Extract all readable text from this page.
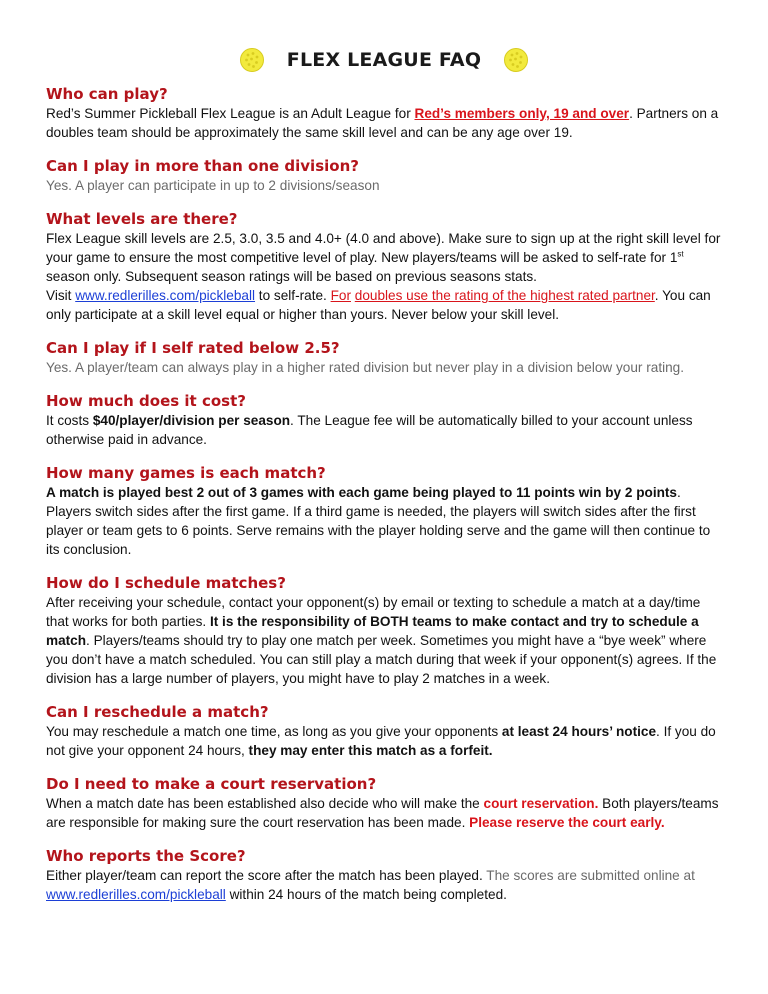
FLEX LEAGUE FAQ
Who can play?

Red’s Summer Pickleball Flex League is an Adult League for Red’s members only, 19 and over. Partners on a doubles team should be approximately the same skill level and can be any age over 19.

Can I play in more than one division?

Yes. A player can participate in up to 2 divisions/season

What levels are there?

Flex League skill levels are 2.5, 3.0, 3.5 and 4.0+ (4.0 and above). Make sure to sign up at the right skill level for your game to ensure the most competitive level of play. New players/teams will be asked to self-rate for 1st season only. Subsequent season ratings will be based on previous seasons stats.
Visit www.redlerilles.com/pickleball to self-rate. For doubles use the rating of the highest rated partner. You can only participate at a skill level equal or higher than yours. Never below your skill level.

Can I play if I self rated below 2.5?

Yes. A player/team can always play in a higher rated division but never play in a division below your rating.

How much does it cost?

It costs $40/player/division per season. The League fee will be automatically billed to your account unless otherwise paid in advance.

How many games is each match?

A match is played best 2 out of 3 games with each game being played to 11 points win by 2 points. Players switch sides after the first game. If a third game is needed, the players will switch sides after the first player or team gets to 6 points. Serve remains with the player holding serve and the game will then continue to its conclusion.

How do I schedule matches?

After receiving your schedule, contact your opponent(s) by email or texting to schedule a match at a day/time that works for both parties. It is the responsibility of BOTH teams to make contact and try to schedule a match. Players/teams should try to play one match per week. Sometimes you might have a “bye week” where you don’t have a match scheduled. You can still play a match during that week if your opponent(s) agrees. If the division has a large number of players, you might have to play 2 matches in a week.

Can I reschedule a match?

You may reschedule a match one time, as long as you give your opponents at least 24 hours’ notice. If you do not give your opponent 24 hours, they may enter this match as a forfeit.

Do I need to make a court reservation?

When a match date has been established also decide who will make the court reservation. Both players/teams are responsible for making sure the court reservation has been made. Please reserve the court early.

Who reports the Score?

Either player/team can report the score after the match has been played. The scores are submitted online at
www.redlerilles.com/pickleball within 24 hours of the match being completed.
